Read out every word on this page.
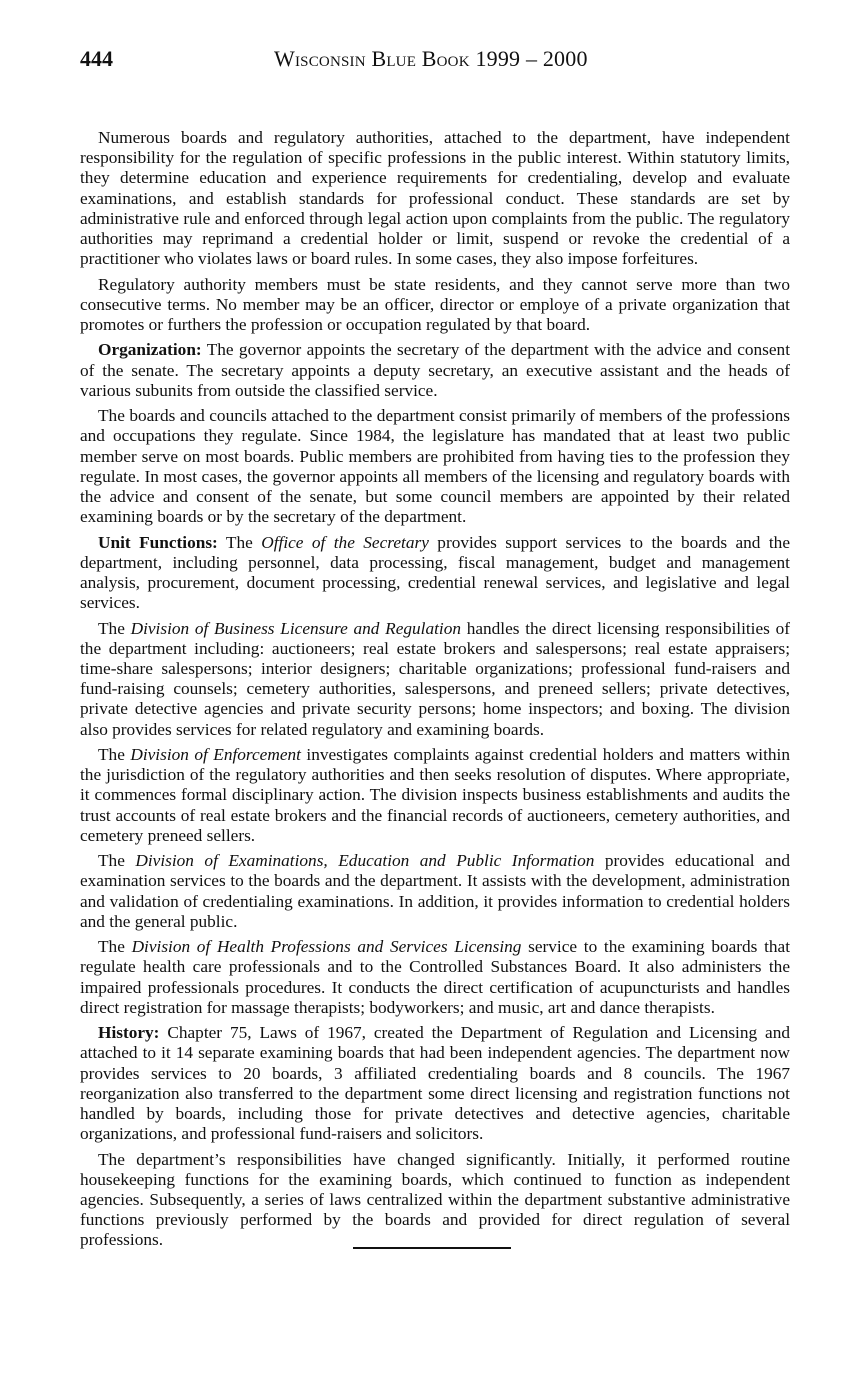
444	Wisconsin Blue Book 1999 – 2000

Numerous boards and regulatory authorities, attached to the department, have independent responsibility for the regulation of specific professions in the public interest. Within statutory limits, they determine education and experience requirements for credentialing, develop and evaluate examinations, and establish standards for professional conduct. These standards are set by administrative rule and enforced through legal action upon complaints from the public. The regulatory authorities may reprimand a credential holder or limit, suspend or revoke the credential of a practitioner who violates laws or board rules. In some cases, they also impose forfeitures.

Regulatory authority members must be state residents, and they cannot serve more than two consecutive terms. No member may be an officer, director or employe of a private organization that promotes or furthers the profession or occupation regulated by that board.

Organization: The governor appoints the secretary of the department with the advice and consent of the senate. The secretary appoints a deputy secretary, an executive assistant and the heads of various subunits from outside the classified service.

The boards and councils attached to the department consist primarily of members of the professions and occupations they regulate. Since 1984, the legislature has mandated that at least two public member serve on most boards. Public members are prohibited from having ties to the profession they regulate. In most cases, the governor appoints all members of the licensing and regulatory boards with the advice and consent of the senate, but some council members are appointed by their related examining boards or by the secretary of the department.

Unit Functions: The Office of the Secretary provides support services to the boards and the department, including personnel, data processing, fiscal management, budget and management analysis, procurement, document processing, credential renewal services, and legislative and legal services.

The Division of Business Licensure and Regulation handles the direct licensing responsibilities of the department including: auctioneers; real estate brokers and salespersons; real estate appraisers; time-share salespersons; interior designers; charitable organizations; professional fund-raisers and fund-raising counsels; cemetery authorities, salespersons, and preneed sellers; private detectives, private detective agencies and private security persons; home inspectors; and boxing. The division also provides services for related regulatory and examining boards.

The Division of Enforcement investigates complaints against credential holders and matters within the jurisdiction of the regulatory authorities and then seeks resolution of disputes. Where appropriate, it commences formal disciplinary action. The division inspects business establishments and audits the trust accounts of real estate brokers and the financial records of auctioneers, cemetery authorities, and cemetery preneed sellers.

The Division of Examinations, Education and Public Information provides educational and examination services to the boards and the department. It assists with the development, administration and validation of credentialing examinations. In addition, it provides information to credential holders and the general public.

The Division of Health Professions and Services Licensing service to the examining boards that regulate health care professionals and to the Controlled Substances Board. It also administers the impaired professionals procedures. It conducts the direct certification of acupuncturists and handles direct registration for massage therapists; bodyworkers; and music, art and dance therapists.

History: Chapter 75, Laws of 1967, created the Department of Regulation and Licensing and attached to it 14 separate examining boards that had been independent agencies. The department now provides services to 20 boards, 3 affiliated credentialing boards and 8 councils. The 1967 reorganization also transferred to the department some direct licensing and registration functions not handled by boards, including those for private detectives and detective agencies, charitable organizations, and professional fund-raisers and solicitors.

The department’s responsibilities have changed significantly. Initially, it performed routine housekeeping functions for the examining boards, which continued to function as independent agencies. Subsequently, a series of laws centralized within the department substantive administrative functions previously performed by the boards and provided for direct regulation of several professions.
